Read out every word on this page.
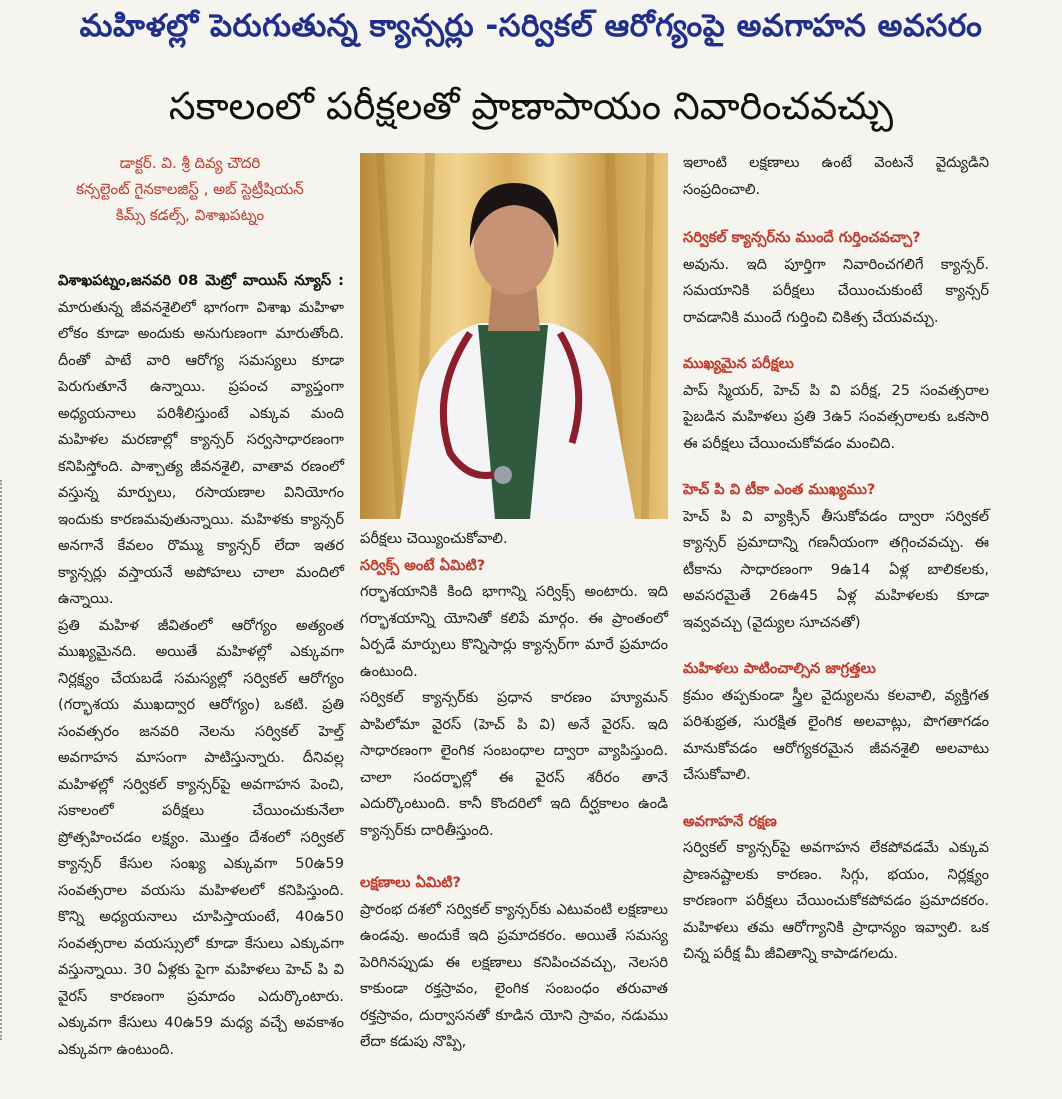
మహిళల్లో పెరుగుతున్న క్యాన్సర్లు -సర్వికల్ ఆరోగ్యంపై అవగాహన అవసరం
సకాలంలో పరీక్షలతో ప్రాణాపాయం నివారించవచ్చు
డాక్టర్. వి. శ్రీ దివ్య చౌదరి
కన్సల్టెంట్ గైనకాలజిస్ట్ , అబ్ స్టెట్రీషియన్
కిమ్స్ కడల్స్, విశాఖపట్నం

విశాఖపట్నం,జనవరి 08 మెట్రో వాయిస్ న్యూస్ : మారుతున్న జీవనశైలిలో భాగంగా విశాఖ మహిళా లోకం కూడా అందుకు అనుగుణంగా మారుతోంది. దీంతో పాటే వారి ఆరోగ్య సమస్యలు కూడా పెరుగుతూనే ఉన్నాయి. ప్రపంచ వ్యాప్తంగా అధ్యయనాలు పరిశీలిస్తుంటే ఎక్కువ మంది మహిళల మరణాల్లో క్యాన్సర్ సర్వసాధారణంగా కనిపిస్తోంది. పాశ్చాత్య జీవనశైలి, వాతావ రణంలో వస్తున్న మార్పులు, రసాయణాల వినియోగం ఇందుకు కారణమవుతున్నాయి. మహిళకు క్యాన్సర్ అనగానే కేవలం రొమ్ము క్యాన్సర్ లేదా ఇతర క్యాన్సర్లు వస్తాయనే అపోహలు చాలా మందిలో ఉన్నాయి.

ప్రతి మహిళ జీవితంలో ఆరోగ్యం అత్యంత ముఖ్యమైనది. అయితే మహిళల్లో ఎక్కువగా నిర్లక్ష్యం చేయబడే సమస్యల్లో సర్వికల్ ఆరోగ్యం (గర్భాశయ ముఖద్వార ఆరోగ్యం) ఒకటి. ప్రతి సంవత్సరం జనవరి నెలను సర్వికల్ హెల్త్ అవగాహన మాసంగా పాటిస్తున్నారు. దీనివల్ల మహిళల్లో సర్వికల్ క్యాన్సర్‌పై అవగాహన పెంచి, సకాలంలో పరీక్షలు చేయించుకునేలా ప్రోత్సహించడం లక్ష్యం. మొత్తం దేశంలో సర్వికల్ క్యాన్సర్ కేసుల సంఖ్య ఎక్కువగా 50ఉ59 సంవత్సరాల వయసు మహిళలలో కనిపిస్తుంది. కొన్ని అధ్యయనాలు చూపిస్తాయంటే, 40ఉ50 సంవత్సరాల వయస్సులో కూడా కేసులు ఎక్కువగా వస్తున్నాయి. 30 ఏళ్లకు పైగా మహిళలు హెచ్ పి వి వైరస్ కారణంగా ప్రమాదం ఎదుర్కొంటారు. ఎక్కువగా కేసులు 40ఉ59 మధ్య వచ్చే అవకాశం ఎక్కువగా ఉంటుంది.

పరీక్షలు చెయ్యించుకోవాలి.

సర్విక్స్ అంటే ఏమిటి?

గర్భాశయానికి కింది భాగాన్ని సర్విక్స్ అంటారు. ఇది గర్భాశయాన్ని యోనితో కలిపే మార్గం. ఈ ప్రాంతంలో ఏర్పడే మార్పులు కొన్నిసార్లు క్యాన్సర్‌గా మారే ప్రమాదం ఉంటుంది.

సర్వికల్ క్యాన్సర్‌కు ప్రధాన కారణం హ్యూమన్ పాపిలోమా వైరస్ (హెచ్ పి వి) అనే వైరస్. ఇది సాధారణంగా లైంగిక సంబంధాల ద్వారా వ్యాపిస్తుంది. చాలా సందర్భాల్లో ఈ వైరస్ శరీరం తానే ఎదుర్కొంటుంది. కానీ కొందరిలో ఇది దీర్ఘకాలం ఉండి క్యాన్సర్‌కు దారితీస్తుంది.

లక్షణాలు ఏమిటి?

ప్రారంభ దశలో సర్వికల్ క్యాన్సర్‌కు ఎటువంటి లక్షణాలు ఉండవు. అందుకే ఇది ప్రమాదకరం. అయితే సమస్య పెరిగినప్పుడు ఈ లక్షణాలు కనిపించవచ్చు, నెలసరి కాకుండా రక్తస్రావం, లైంగిక సంబంధం తరువాత రక్తస్రావం, దుర్వాసనతో కూడిన యోని స్రావం, నడుము లేదా కడుపు నొప్పి,

ఇలాంటి లక్షణాలు ఉంటే వెంటనే వైద్యుడిని సంప్రదించాలి.

సర్వికల్ క్యాన్సర్‌ను ముందే గుర్తించవచ్చా?

అవును. ఇది పూర్తిగా నివారించగలిగే క్యాన్సర్. సమయానికి పరీక్షలు చేయించుకుంటే క్యాన్సర్ రావడానికి ముందే గుర్తించి చికిత్స చేయవచ్చు.

ముఖ్యమైన పరీక్షలు

పాప్ స్మియర్, హెచ్ పి వి పరీక్ష, 25 సంవత్సరాల పైబడిన మహిళలు ప్రతి 3ఉ5 సంవత్సరాలకు ఒకసారి ఈ పరీక్షలు చేయించుకోవడం మంచిది.

హెచ్ పి వి టీకా ఎంత ముఖ్యము?

హెచ్ పి వి వ్యాక్సిన్ తీసుకోవడం ద్వారా సర్వికల్ క్యాన్సర్ ప్రమాదాన్ని గణనీయంగా తగ్గించవచ్చు. ఈ టీకాను సాధారణంగా 9ఉ14 ఏళ్ల బాలికలకు, అవసరమైతే 26ఉ45 ఏళ్ల మహిళలకు కూడా ఇవ్వవచ్చు (వైద్యుల సూచనతో)

మహిళలు పాటించాల్సిన జాగ్రత్తలు

క్రమం తప్పకుండా స్త్రీల వైద్యులను కలవాలి, వ్యక్తిగత పరిశుభ్రత, సురక్షిత లైంగిక అలవాట్లు, పొగతాగడం మానుకోవడం ఆరోగ్యకరమైన జీవనశైలి అలవాటు చేసుకోవాలి.

అవగాహనే రక్షణ

సర్వికల్ క్యాన్సర్‌పై అవగాహన లేకపోవడమే ఎక్కువ ప్రాణనష్టాలకు కారణం. సిగ్గు, భయం, నిర్లక్ష్యం కారణంగా పరీక్షలు చేయించుకోకపోవడం ప్రమాదకరం. మహిళలు తమ ఆరోగ్యానికి ప్రాధాన్యం ఇవ్వాలి. ఒక చిన్న పరీక్ష మీ జీవితాన్ని కాపాడగలదు.
